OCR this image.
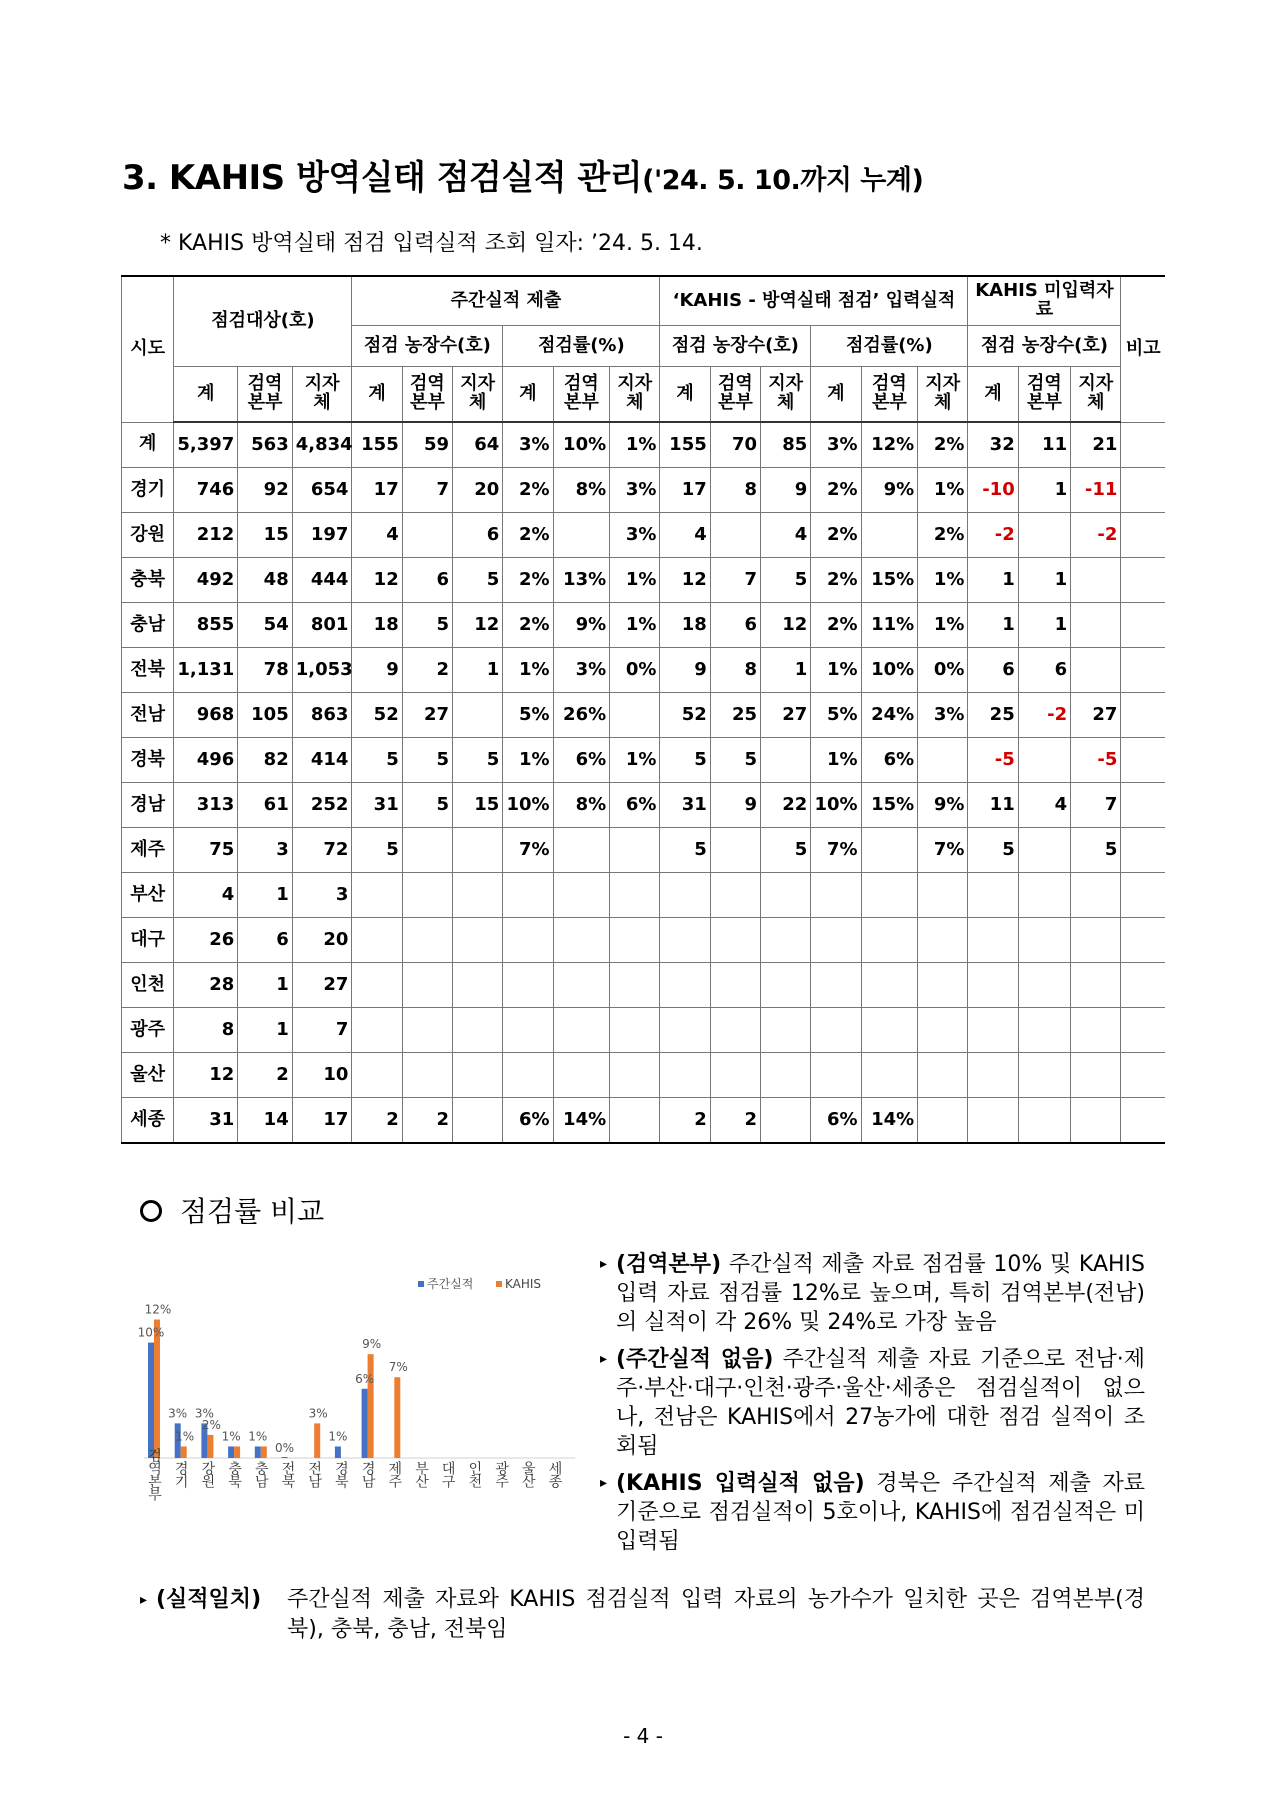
3. KAHIS 방역실태 점검실적 관리('24. 5. 10.까지 누계)
* KAHIS 방역실태 점검 입력실적 조회 일자: ’24. 5. 14.
시도	점검대상(호)			주간실적 제출						‘KAHIS - 방역실태 점검’ 입력실적						KAHIS 미입력자료			비고
				점검 농장수(호)			점검률(%)			점검 농장수(호)			점검률(%)			점검 농장수(호)			
	계	검역 본부	지자 체	계	검역 본부	지자 체	계	검역 본부	지자 체	계	검역 본부	지자 체	계	검역 본부	지자 체	계	검역 본부	지자 체	
계	5,397	563	4,834	155	59	64	3%	10%	1%	155	70	85	3%	12%	2%	32	11	21	
경기	746	92	654	17	7	20	2%	8%	3%	17	8	9	2%	9%	1%	-10	1	-11	
강원	212	15	197	4		6	2%		3%	4		4	2%		2%	-2		-2	
충북	492	48	444	12	6	5	2%	13%	1%	12	7	5	2%	15%	1%	1	1		
충남	855	54	801	18	5	12	2%	9%	1%	18	6	12	2%	11%	1%	1	1		
전북	1,131	78	1,053	9	2	1	1%	3%	0%	9	8	1	1%	10%	0%	6	6		
전남	968	105	863	52	27		5%	26%		52	25	27	5%	24%	3%	25	-2	27	
경북	496	82	414	5	5	5	1%	6%	1%	5	5		1%	6%		-5		-5	
경남	313	61	252	31	5	15	10%	8%	6%	31	9	22	10%	15%	9%	11	4	7	
제주	75	3	72	5			7%			5		5	7%		7%	5		5	
부산	4	1	3																
대구	26	6	20																
인천	28	1	27																
광주	8	1	7																
울산	12	2	10																
세종	31	14	17	2	2		6%	14%		2	2		6%	14%					
점검률 비교
주간실적	KAHIS
10%
12%
검역본부
3%
1%
경기
3%
2%
강원
1%
충북
1%
충남
0%
전북
3%
전남
1%
경북
6%
9%
경남
7%
제주 부산 대구 인천 광주 울산 세종
▸ (검역본부) 주간실적 제출 자료 점검률 10% 및 KAHIS 입력 자료 점검률 12%로 높으며, 특히 검역본부(전남)의 실적이 각 26% 및 24%로 가장 높음
▸ (주간실적 없음) 주간실적 제출 자료 기준으로 전남·제주·부산·대구·인천·광주·울산·세종은 점검실적이 없으나, 전남은 KAHIS에서 27농가에 대한 점검 실적이 조회됨
▸ (KAHIS 입력실적 없음) 경북은 주간실적 제출 자료 기준으로 점검실적이 5호이나, KAHIS에 점검실적은 미입력됨
▸ (실적일치) 주간실적 제출 자료와 KAHIS 점검실적 입력 자료의 농가수가 일치한 곳은 검역본부(경북), 충북, 충남, 전북임
- 4 -
